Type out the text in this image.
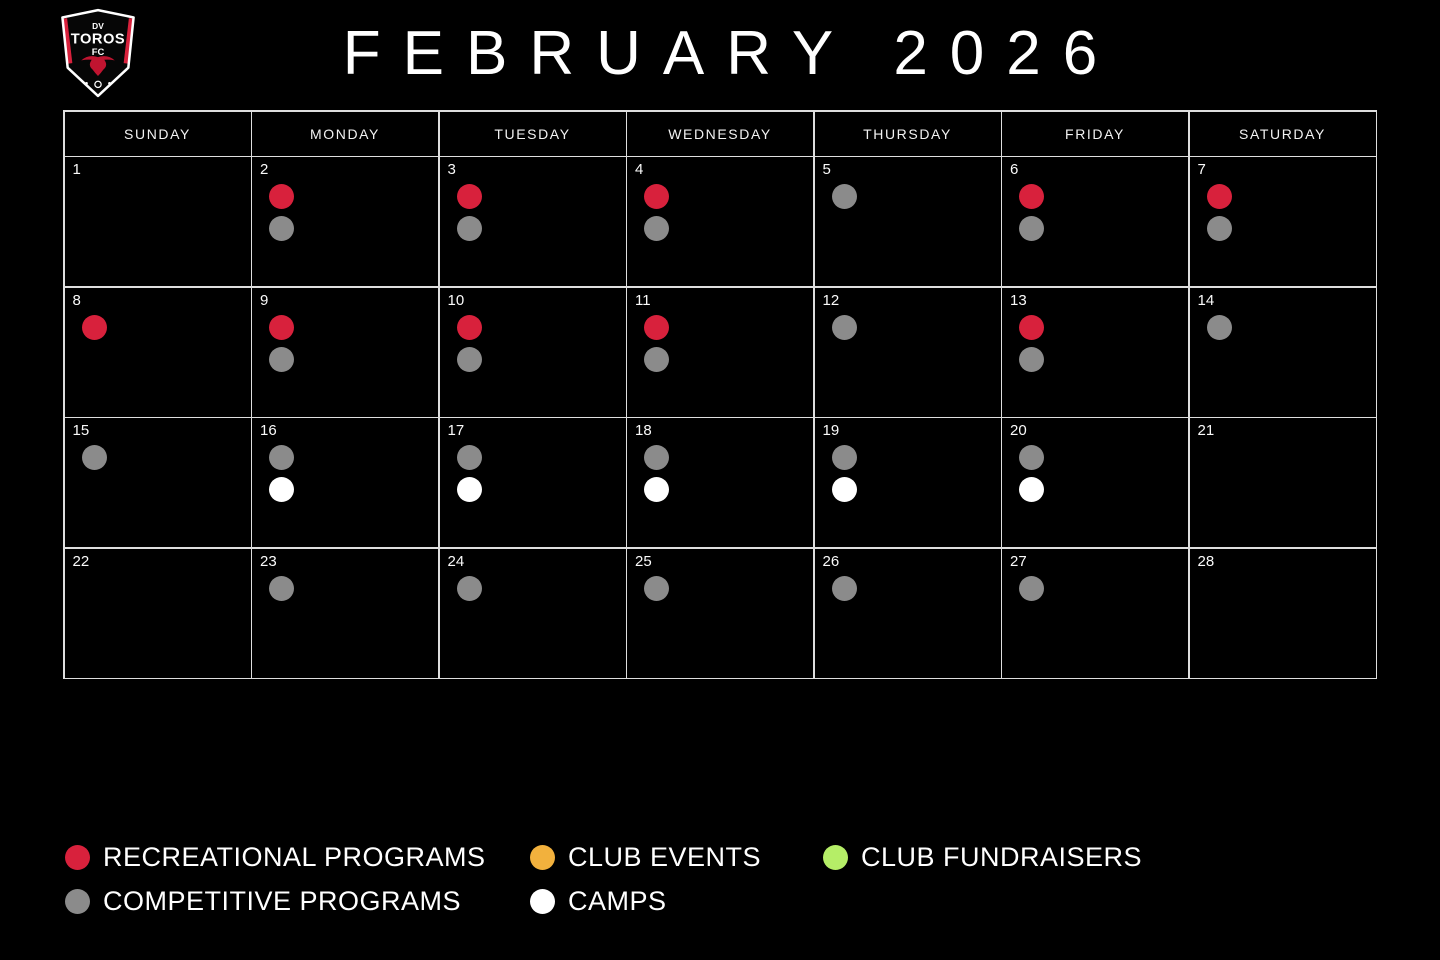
DV
TOROS
FC	FEBRUARY 2026
SUNDAY	MONDAY	TUESDAY	WEDNESDAY	THURSDAY	FRIDAY	SATURDAY
1	2	3	4	5	6	7
8	9	10	11	12	13	14
15	16	17	18	19	20	21
22	23	24	25	26	27	28
RECREATIONAL PROGRAMS	CLUB EVENTS	CLUB FUNDRAISERS
COMPETITIVE PROGRAMS	CAMPS
